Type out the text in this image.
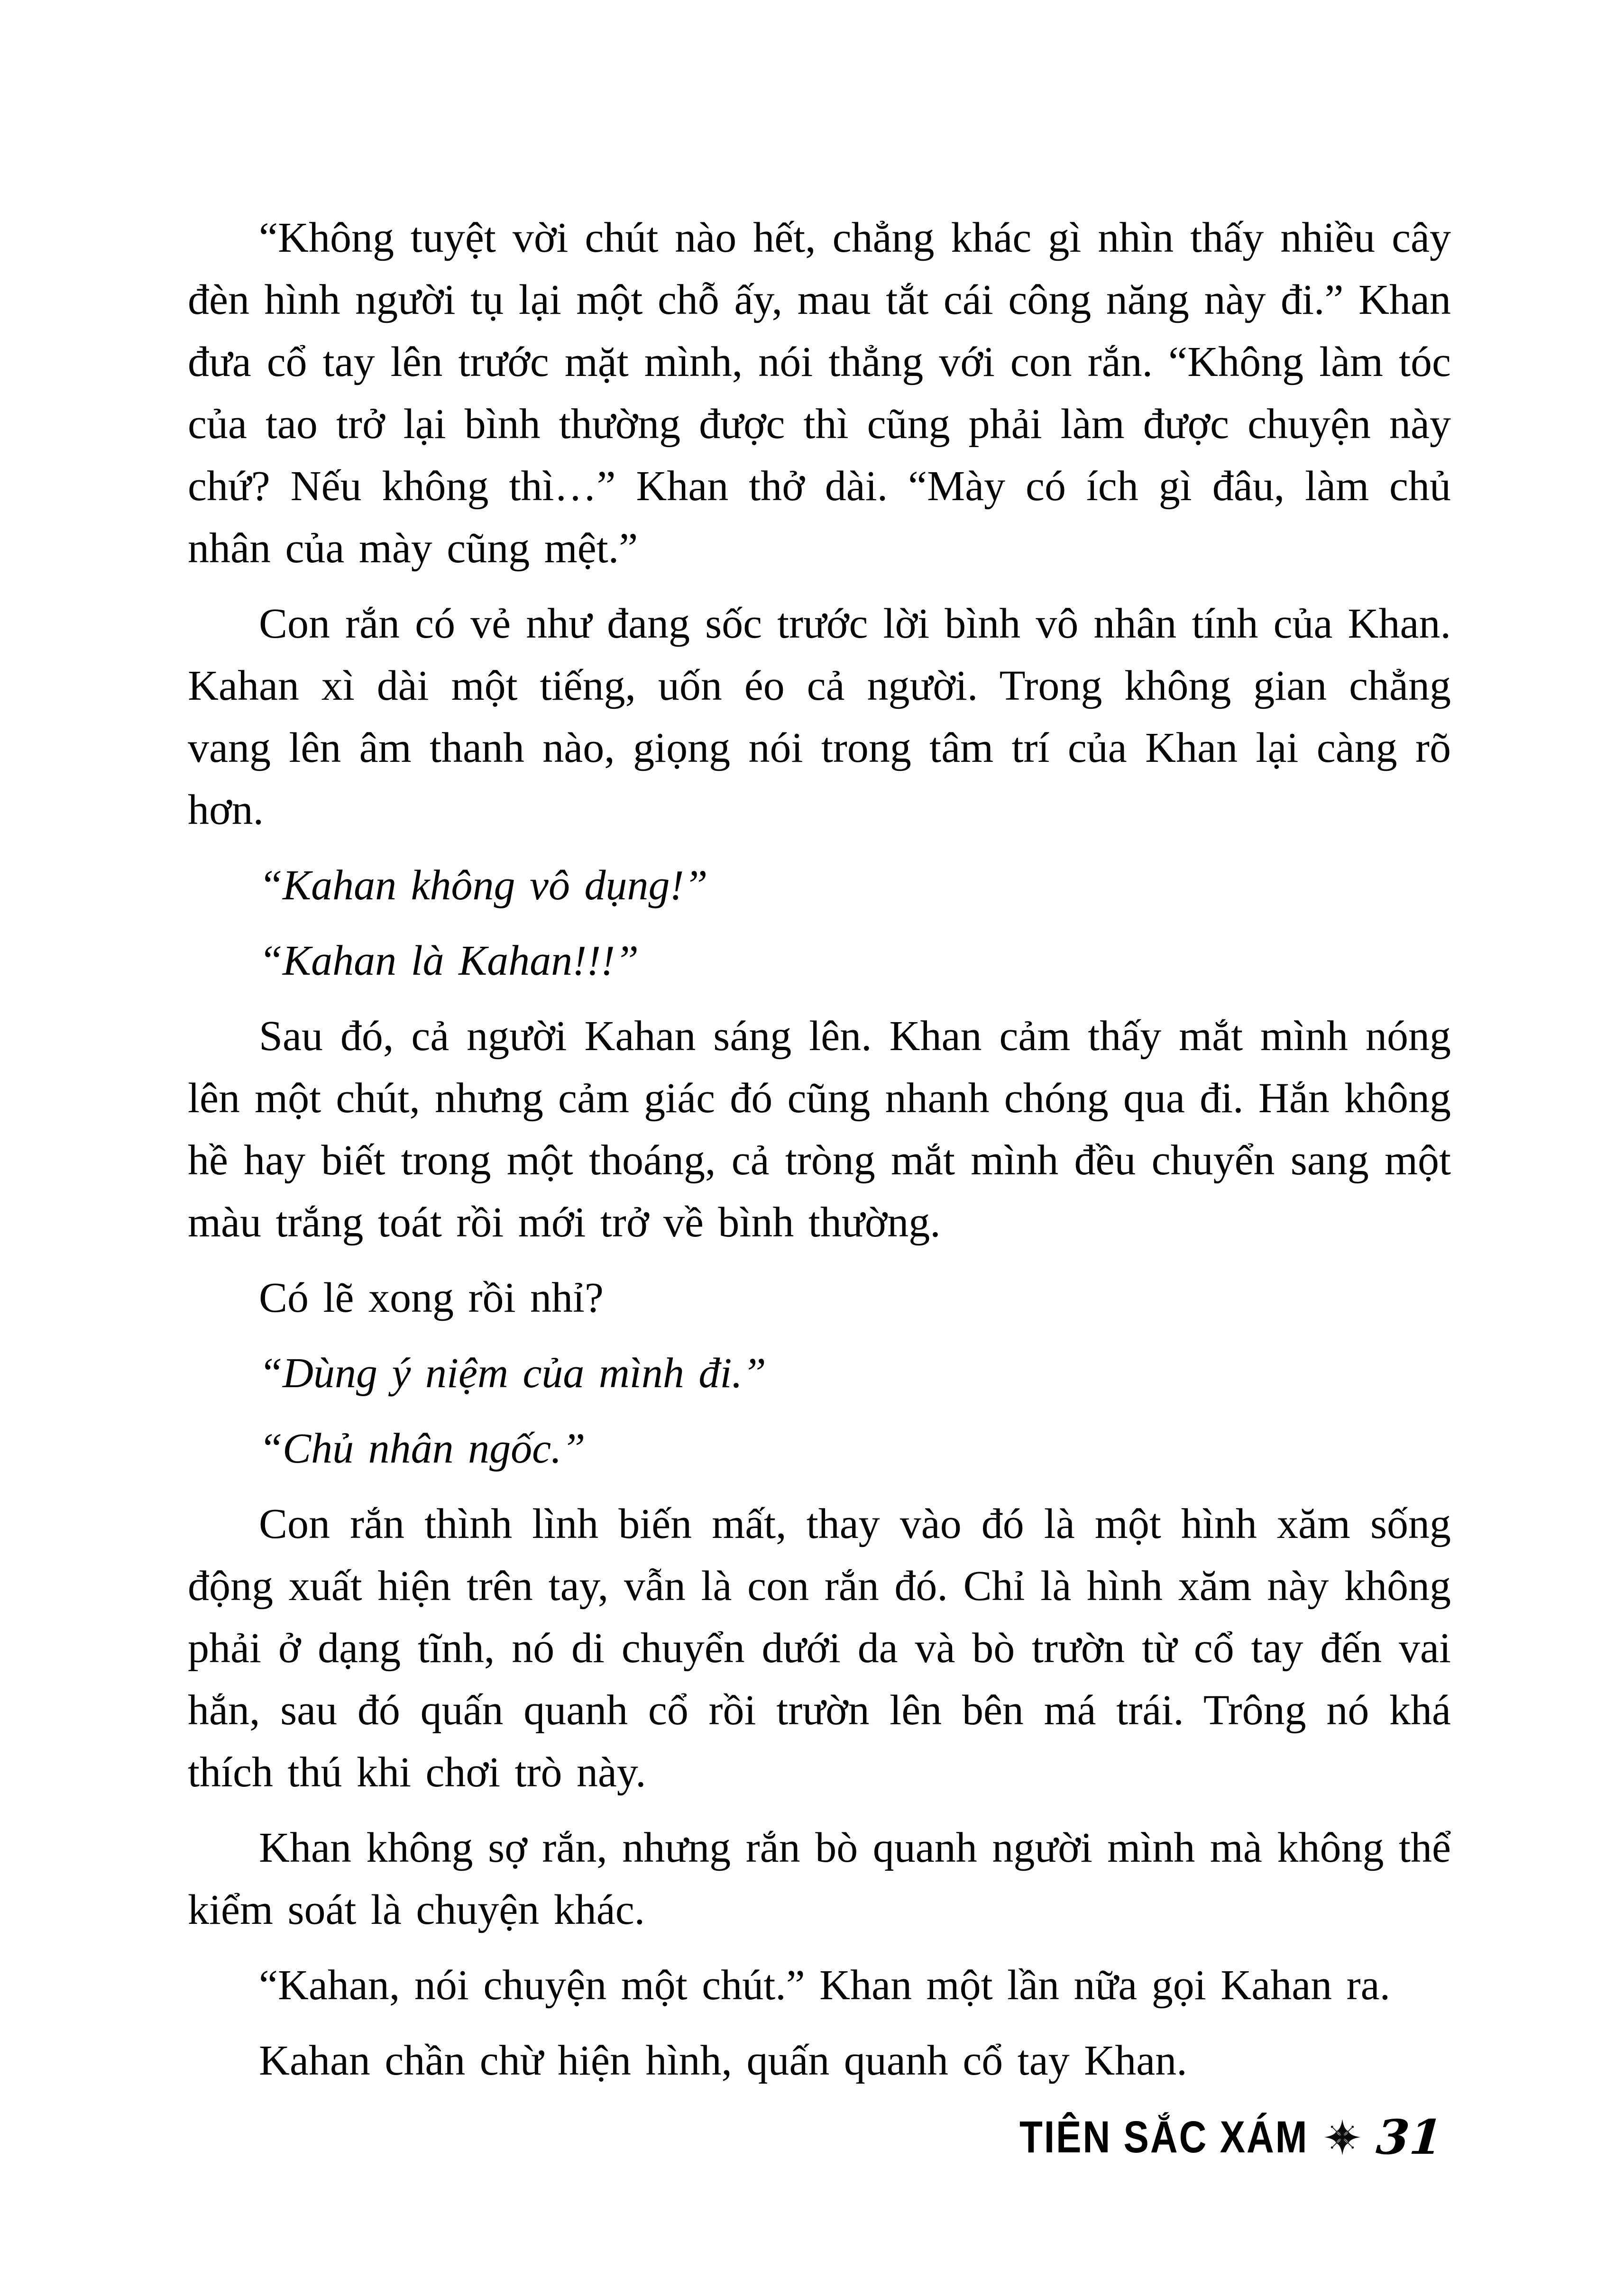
“Không tuyệt vời chút nào hết, chẳng khác gì nhìn thấy nhiều cây đèn hình người tụ lại một chỗ ấy, mau tắt cái công năng này đi.” Khan đưa cổ tay lên trước mặt mình, nói thẳng với con rắn. “Không làm tóc của tao trở lại bình thường được thì cũng phải làm được chuyện này chứ? Nếu không thì…” Khan thở dài. “Mày có ích gì đâu, làm chủ nhân của mày cũng mệt.”

Con rắn có vẻ như đang sốc trước lời bình vô nhân tính của Khan. Kahan xì dài một tiếng, uốn éo cả người. Trong không gian chẳng vang lên âm thanh nào, giọng nói trong tâm trí của Khan lại càng rõ hơn.

“Kahan không vô dụng!”

“Kahan là Kahan!!!”

Sau đó, cả người Kahan sáng lên. Khan cảm thấy mắt mình nóng lên một chút, nhưng cảm giác đó cũng nhanh chóng qua đi. Hắn không hề hay biết trong một thoáng, cả tròng mắt mình đều chuyển sang một màu trắng toát rồi mới trở về bình thường.

Có lẽ xong rồi nhỉ?

“Dùng ý niệm của mình đi.”

“Chủ nhân ngốc.”

Con rắn thình lình biến mất, thay vào đó là một hình xăm sống động xuất hiện trên tay, vẫn là con rắn đó. Chỉ là hình xăm này không phải ở dạng tĩnh, nó di chuyển dưới da và bò trườn từ cổ tay đến vai hắn, sau đó quấn quanh cổ rồi trườn lên bên má trái. Trông nó khá thích thú khi chơi trò này.

Khan không sợ rắn, nhưng rắn bò quanh người mình mà không thể kiểm soát là chuyện khác.

“Kahan, nói chuyện một chút.” Khan một lần nữa gọi Kahan ra.

Kahan chần chừ hiện hình, quấn quanh cổ tay Khan.

TIÊN SẮC XÁM 31
